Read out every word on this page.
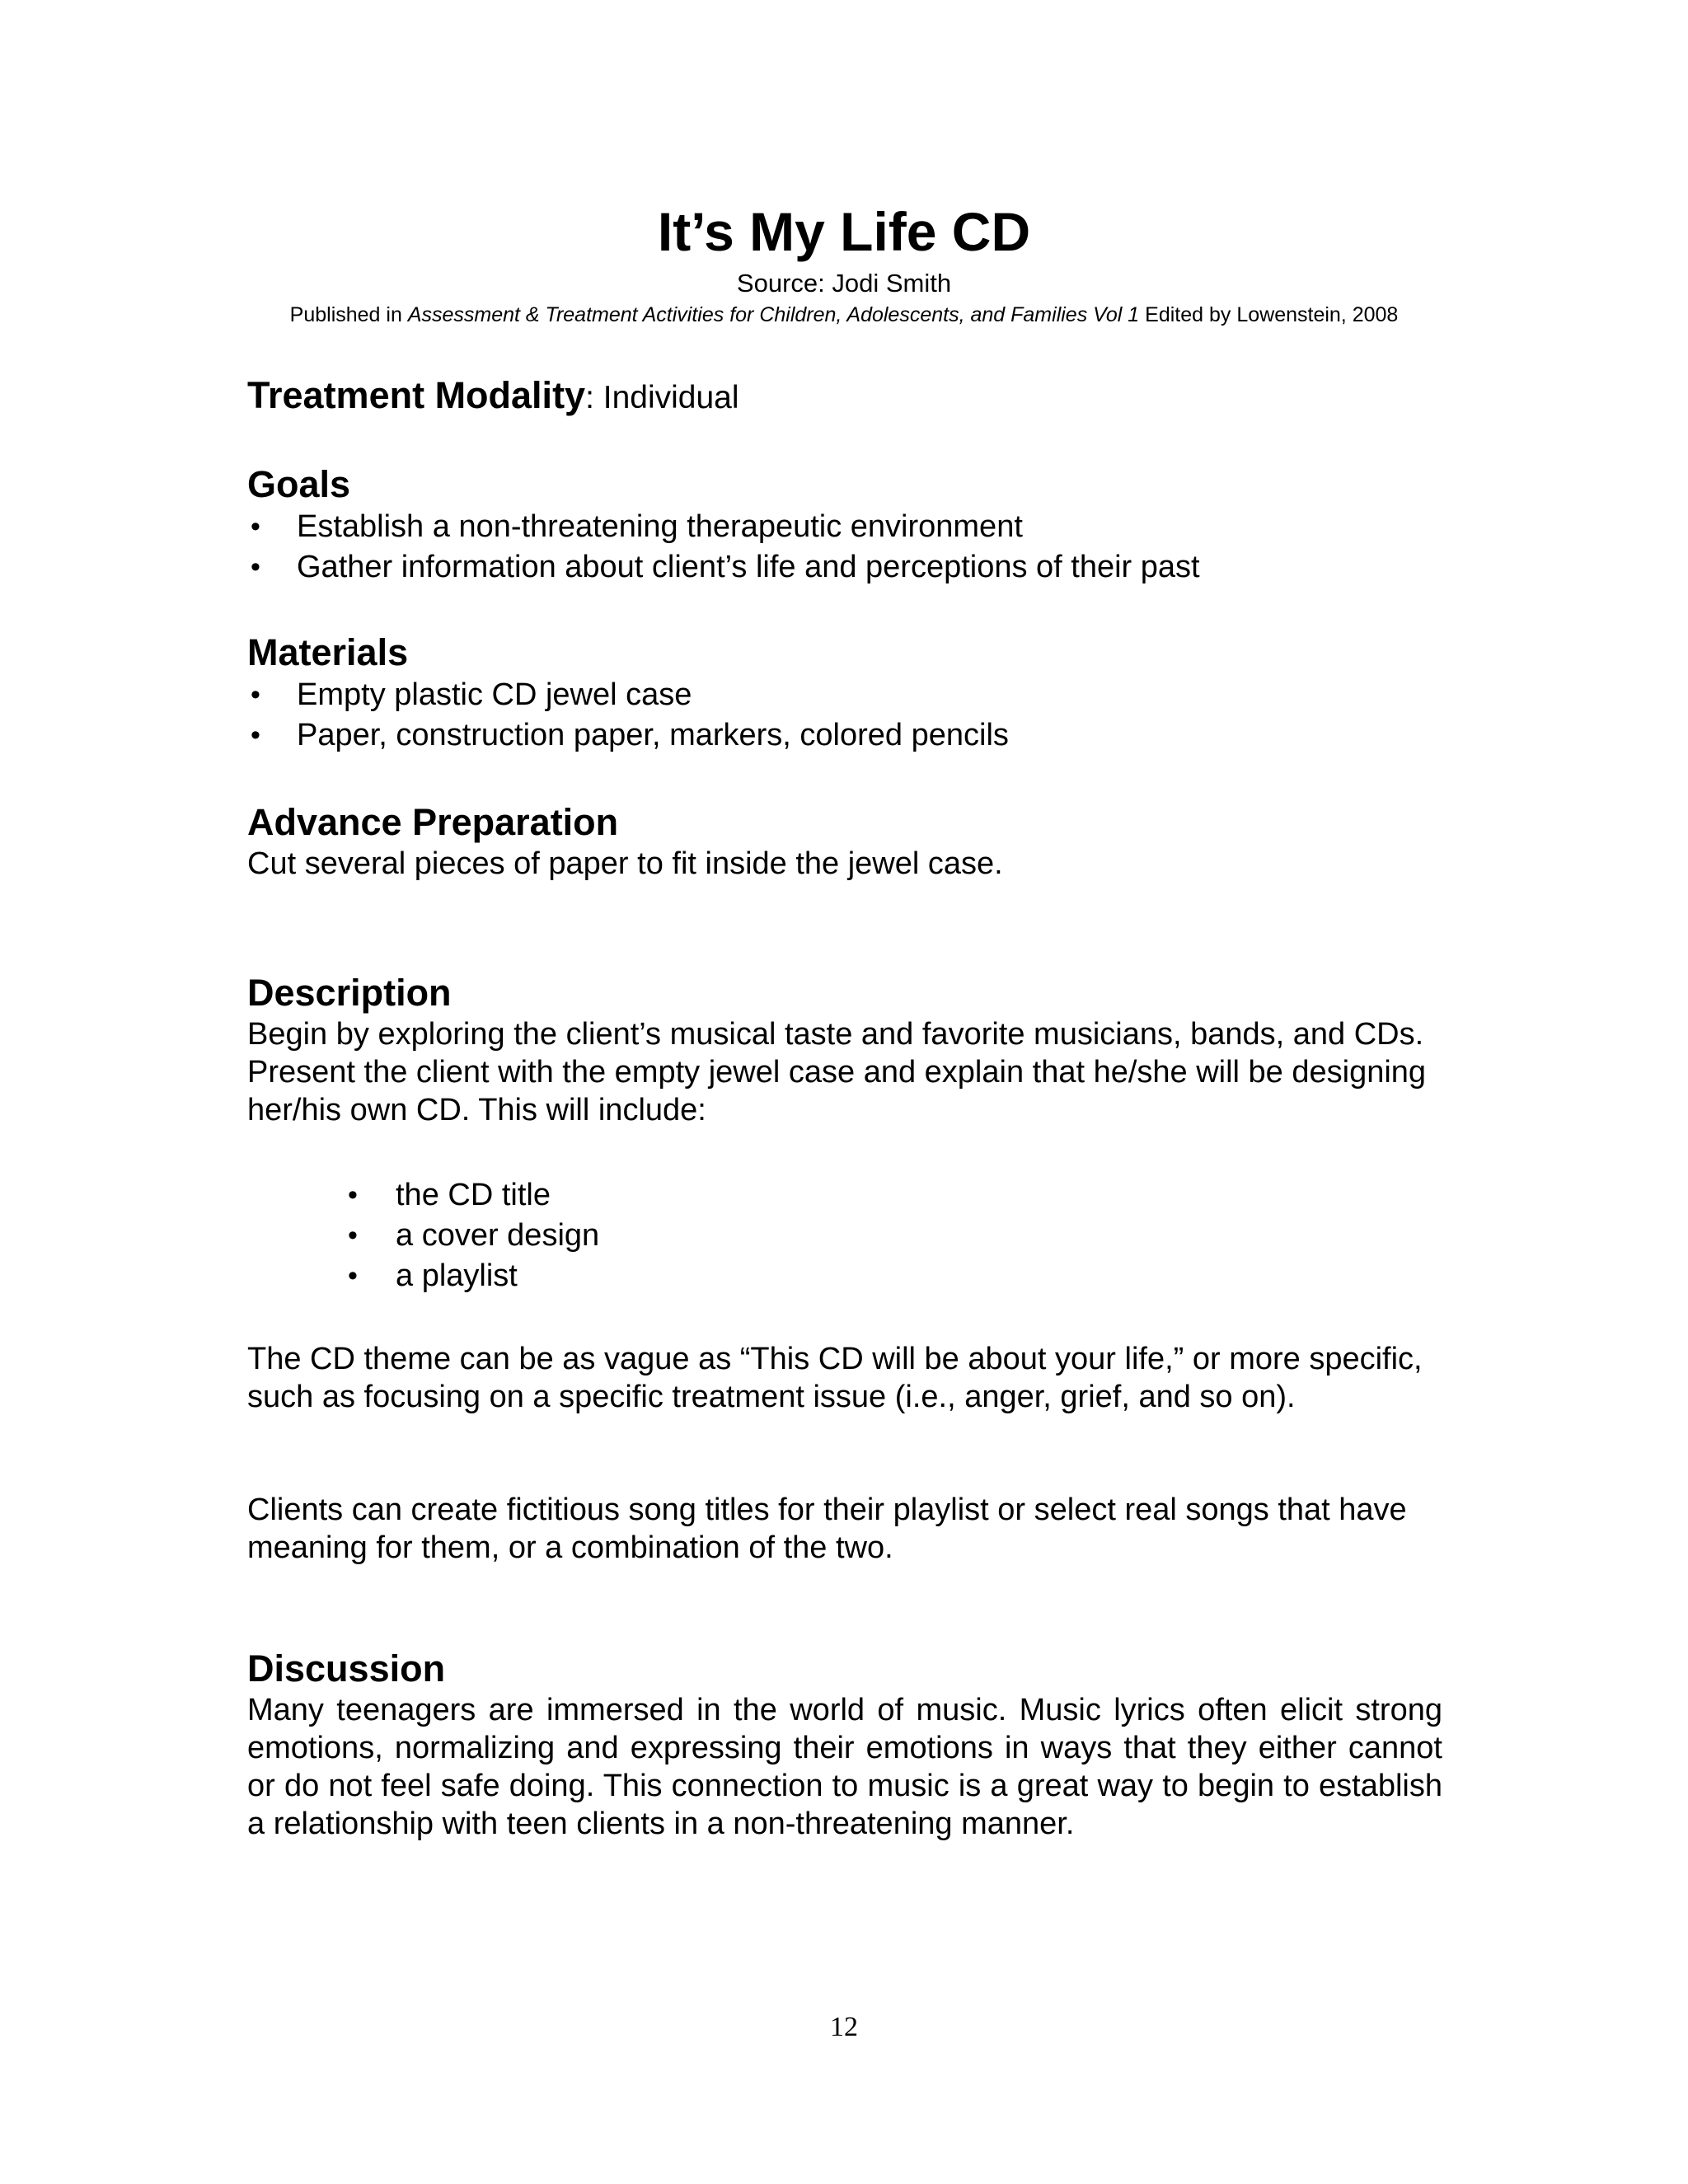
It’s My Life CD

Source: Jodi Smith

Published in Assessment & Treatment Activities for Children, Adolescents, and Families Vol 1 Edited by Lowenstein, 2008

Treatment Modality: Individual

Goals

• Establish a non-threatening therapeutic environment
• Gather information about client’s life and perceptions of their past

Materials

• Empty plastic CD jewel case
• Paper, construction paper, markers, colored pencils

Advance Preparation

Cut several pieces of paper to fit inside the jewel case.

Description

Begin by exploring the client’s musical taste and favorite musicians, bands, and CDs. Present the client with the empty jewel case and explain that he/she will be designing her/his own CD. This will include:

• the CD title
• a cover design
• a playlist

The CD theme can be as vague as “This CD will be about your life,” or more specific, such as focusing on a specific treatment issue (i.e., anger, grief, and so on).

Clients can create fictitious song titles for their playlist or select real songs that have meaning for them, or a combination of the two.

Discussion

Many teenagers are immersed in the world of music. Music lyrics often elicit strong emotions, normalizing and expressing their emotions in ways that they either cannot or do not feel safe doing. This connection to music is a great way to begin to establish a relationship with teen clients in a non-threatening manner.

12
